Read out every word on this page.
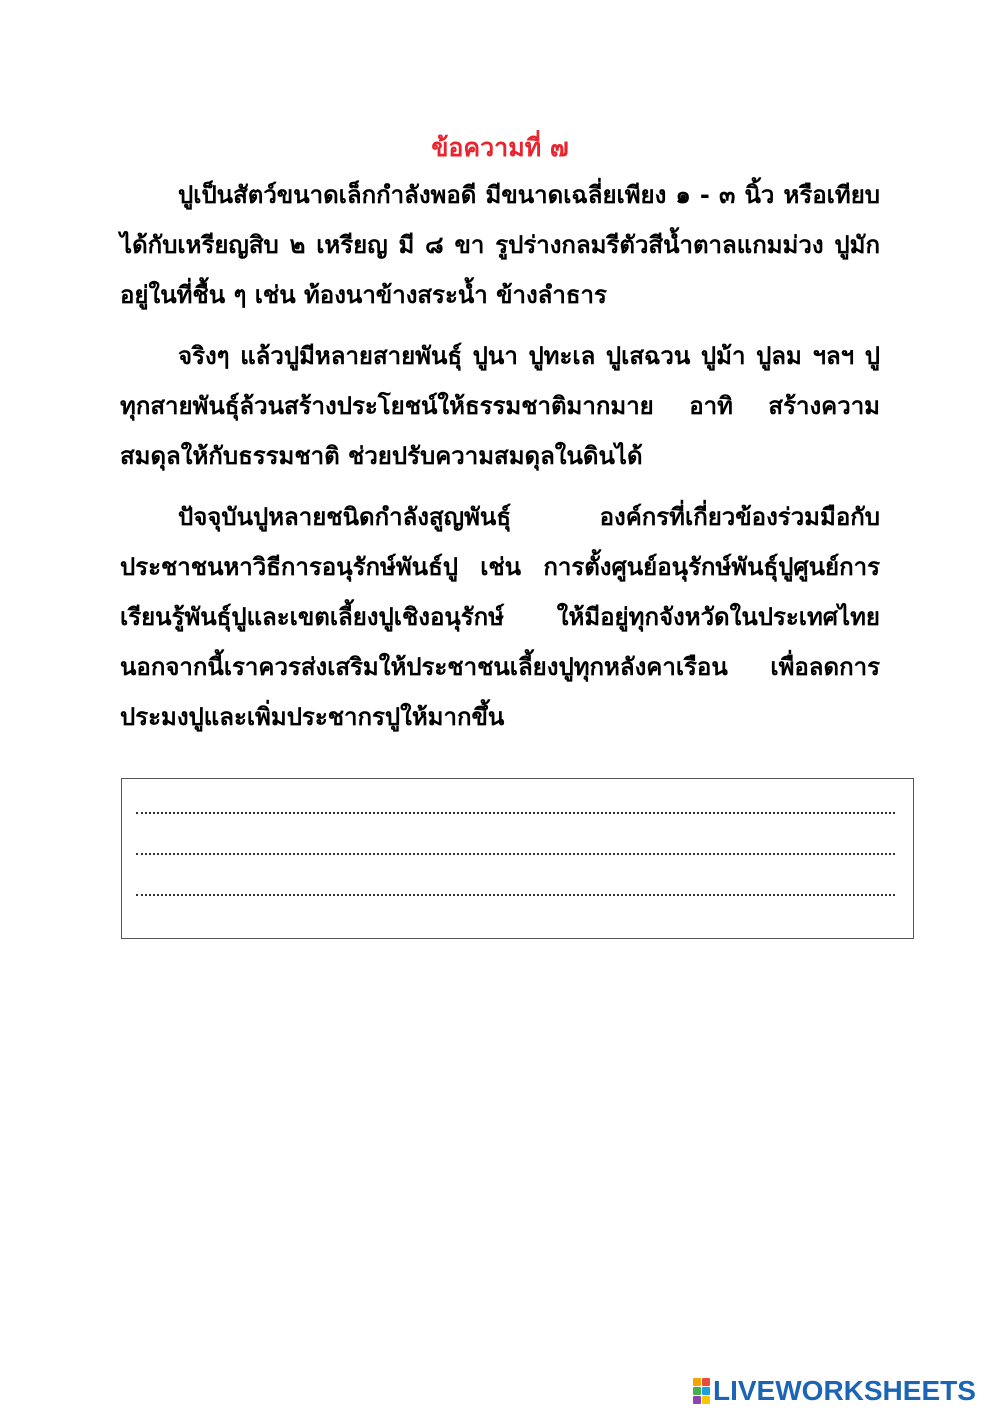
ข้อความที่ ๗

ปูเป็นสัตว์ขนาดเล็กกำลังพอดี มีขนาดเฉลี่ยเพียง ๑ - ๓ นิ้ว หรือเทียบได้กับเหรียญสิบ ๒ เหรียญ มี ๘ ขา รูปร่างกลมรีตัวสีน้ำตาลแกมม่วง ปูมักอยู่ในที่ชื้น ๆ เช่น ท้องนาข้างสระน้ำ ข้างลำธาร

จริงๆ แล้วปูมีหลายสายพันธุ์ ปูนา ปูทะเล ปูเสฉวน ปูม้า ปูลม ฯลฯ ปูทุกสายพันธุ์ล้วนสร้างประโยชน์ให้ธรรมชาติมากมาย อาทิ สร้างความสมดุลให้กับธรรมชาติ ช่วยปรับความสมดุลในดินได้

ปัจจุบันปูหลายชนิดกำลังสูญพันธุ์ องค์กรที่เกี่ยวข้องร่วมมือกับประชาชนหาวิธีการอนุรักษ์พันธ์ปู เช่น การตั้งศูนย์อนุรักษ์พันธุ์ปูศูนย์การเรียนรู้พันธุ์ปูและเขตเลี้ยงปูเชิงอนุรักษ์ ให้มีอยู่ทุกจังหวัดในประเทศไทยนอกจากนี้เราควรส่งเสริมให้ประชาชนเลี้ยงปูทุกหลังคาเรือน เพื่อลดการประมงปูและเพิ่มประชากรปูให้มากขึ้น

LIVEWORKSHEETS
